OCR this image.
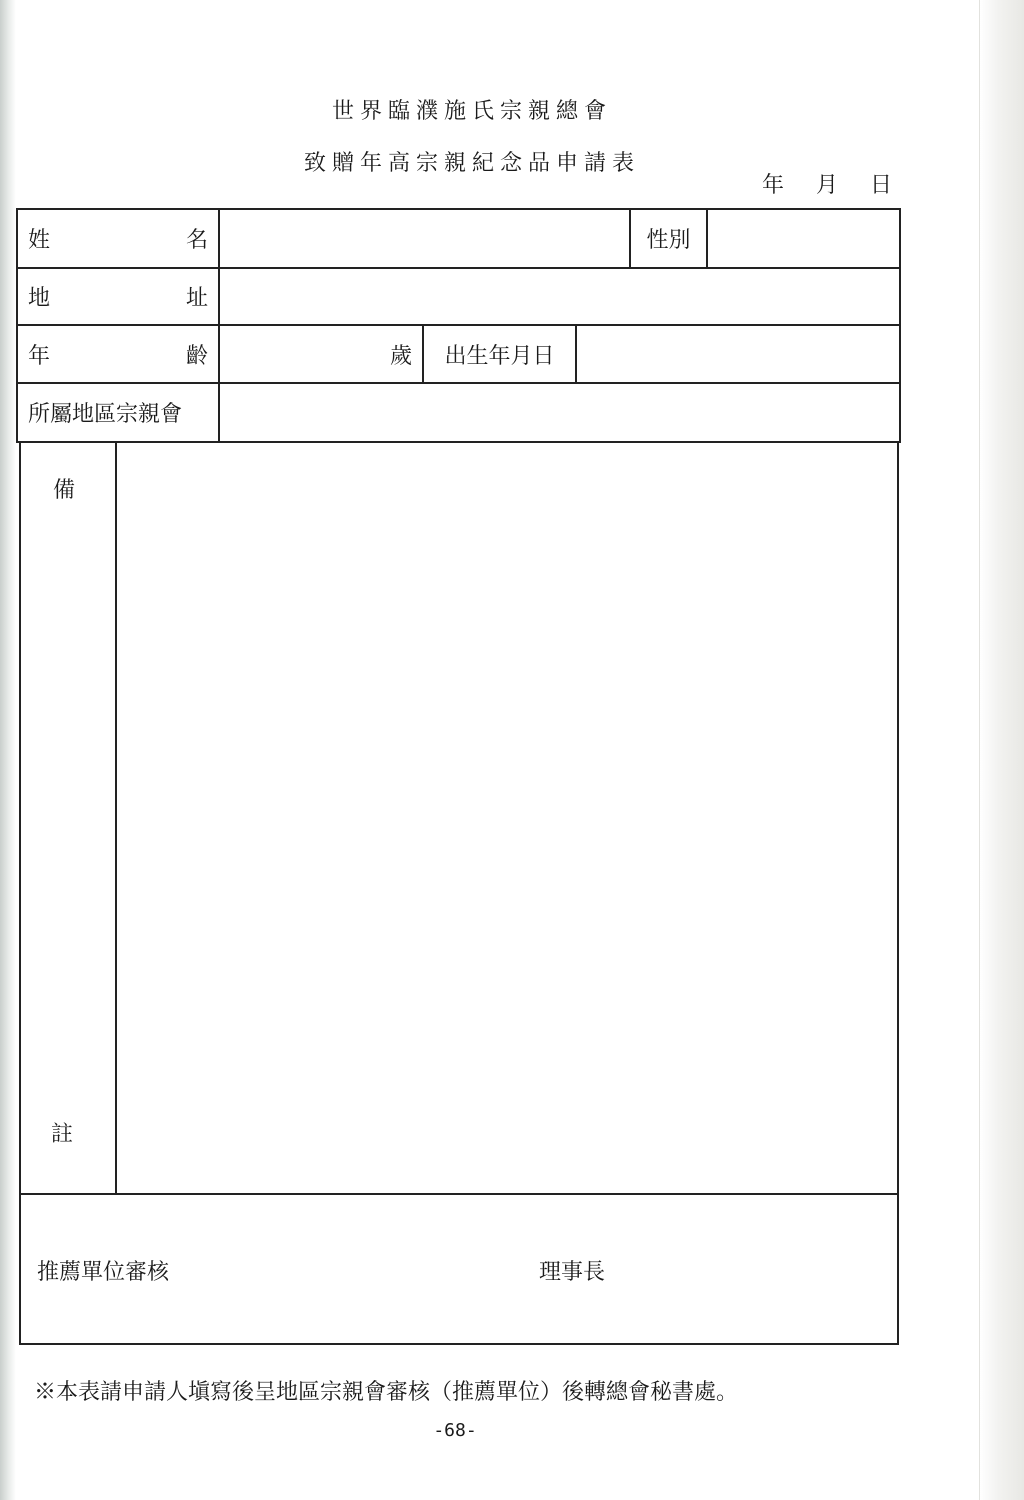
世界臨濮施氏宗親總會
致贈年高宗親紀念品申請表
年 月 日
姓 名				性別	

地 址					

年 齡	歲	出生年月日			
所屬地區宗親會					
備
註
推薦單位審核	理事長
※本表請申請人塡寫後呈地區宗親會審核（推薦單位）後轉總會秘書處。
-68-
